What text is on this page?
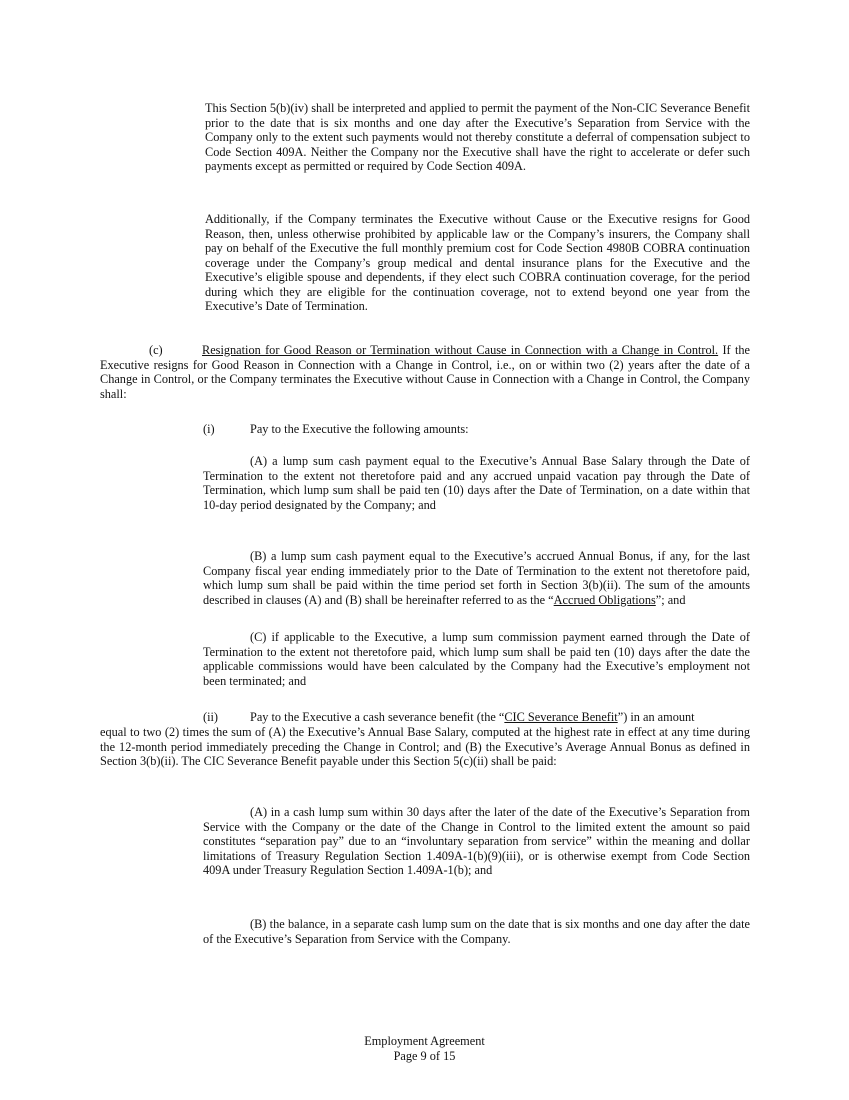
This Section 5(b)(iv) shall be interpreted and applied to permit the payment of the Non-CIC Severance Benefit prior to the date that is six months and one day after the Executive’s Separation from Service with the Company only to the extent such payments would not thereby constitute a deferral of compensation subject to Code Section 409A. Neither the Company nor the Executive shall have the right to accelerate or defer such payments except as permitted or required by Code Section 409A.

Additionally, if the Company terminates the Executive without Cause or the Executive resigns for Good Reason, then, unless otherwise prohibited by applicable law or the Company’s insurers, the Company shall pay on behalf of the Executive the full monthly premium cost for Code Section 4980B COBRA continuation coverage under the Company’s group medical and dental insurance plans for the Executive and the Executive’s eligible spouse and dependents, if they elect such COBRA continuation coverage, for the period during which they are eligible for the continuation coverage, not to extend beyond one year from the Executive’s Date of Termination.

(c)	Resignation for Good Reason or Termination without Cause in Connection with a Change in Control. If the Executive resigns for Good Reason in Connection with a Change in Control, i.e., on or within two (2) years after the date of a Change in Control, or the Company terminates the Executive without Cause in Connection with a Change in Control, the Company shall:

(i)	Pay to the Executive the following amounts:

(A) a lump sum cash payment equal to the Executive’s Annual Base Salary through the Date of Termination to the extent not theretofore paid and any accrued unpaid vacation pay through the Date of Termination, which lump sum shall be paid ten (10) days after the Date of Termination, on a date within that 10-day period designated by the Company; and

(B) a lump sum cash payment equal to the Executive’s accrued Annual Bonus, if any, for the last Company fiscal year ending immediately prior to the Date of Termination to the extent not theretofore paid, which lump sum shall be paid within the time period set forth in Section 3(b)(ii). The sum of the amounts described in clauses (A) and (B) shall be hereinafter referred to as the “Accrued Obligations”; and

(C) if applicable to the Executive, a lump sum commission payment earned through the Date of Termination to the extent not theretofore paid, which lump sum shall be paid ten (10) days after the date the applicable commissions would have been calculated by the Company had the Executive’s employment not been terminated; and

(ii)	Pay to the Executive a cash severance benefit (the “CIC Severance Benefit”) in an amount

equal to two (2) times the sum of (A) the Executive’s Annual Base Salary, computed at the highest rate in effect at any time during the 12-month period immediately preceding the Change in Control; and (B) the Executive’s Average Annual Bonus as defined in Section 3(b)(ii). The CIC Severance Benefit payable under this Section 5(c)(ii) shall be paid:

(A) in a cash lump sum within 30 days after the later of the date of the Executive’s Separation from Service with the Company or the date of the Change in Control to the limited extent the amount so paid constitutes “separation pay” due to an “involuntary separation from service” within the meaning and dollar limitations of Treasury Regulation Section 1.409A-1(b)(9)(iii), or is otherwise exempt from Code Section 409A under Treasury Regulation Section 1.409A-1(b); and

(B) the balance, in a separate cash lump sum on the date that is six months and one day after the date of the Executive’s Separation from Service with the Company.

Employment Agreement
Page 9 of 15
